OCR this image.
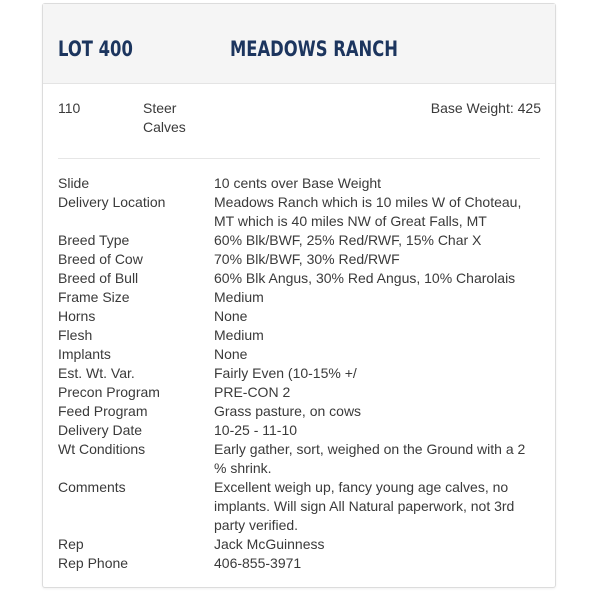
LOT 400	MEADOWS RANCH
110	Steer Calves
Base Weight: 425
Slide	10 cents over Base Weight
Delivery Location	Meadows Ranch which is 10 miles W of Choteau, MT which is 40 miles NW of Great Falls, MT
Breed Type	60% Blk/BWF, 25% Red/RWF, 15% Char X
Breed of Cow	70% Blk/BWF, 30% Red/RWF
Breed of Bull	60% Blk Angus, 30% Red Angus, 10% Charolais
Frame Size	Medium
Horns	None
Flesh	Medium
Implants	None
Est. Wt. Var.	Fairly Even (10-15% +/
Precon Program	PRE-CON 2
Feed Program	Grass pasture, on cows
Delivery Date	10-25 - 11-10
Wt Conditions	Early gather, sort, weighed on the Ground with a 2 % shrink.
Comments	Excellent weigh up, fancy young age calves, no implants. Will sign All Natural paperwork, not 3rd party verified.
Rep	Jack McGuinness
Rep Phone	406-855-3971
